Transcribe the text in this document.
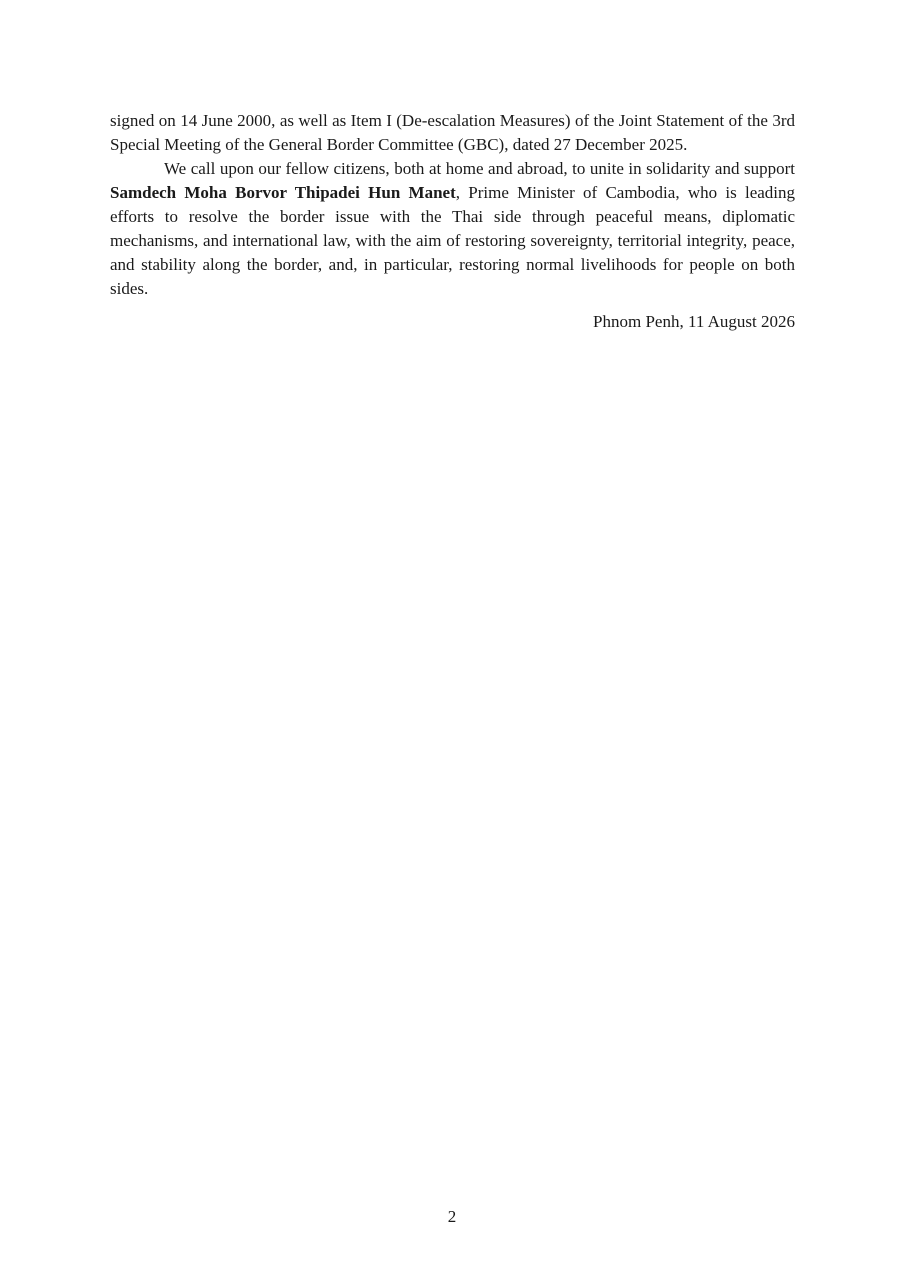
signed on 14 June 2000, as well as Item I (De-escalation Measures) of the Joint Statement of the 3rd Special Meeting of the General Border Committee (GBC), dated 27 December 2025.

We call upon our fellow citizens, both at home and abroad, to unite in solidarity and support Samdech Moha Borvor Thipadei Hun Manet, Prime Minister of Cambodia, who is leading efforts to resolve the border issue with the Thai side through peaceful means, diplomatic mechanisms, and international law, with the aim of restoring sovereignty, territorial integrity, peace, and stability along the border, and, in particular, restoring normal livelihoods for people on both sides.

Phnom Penh, 11 August 2026

2
